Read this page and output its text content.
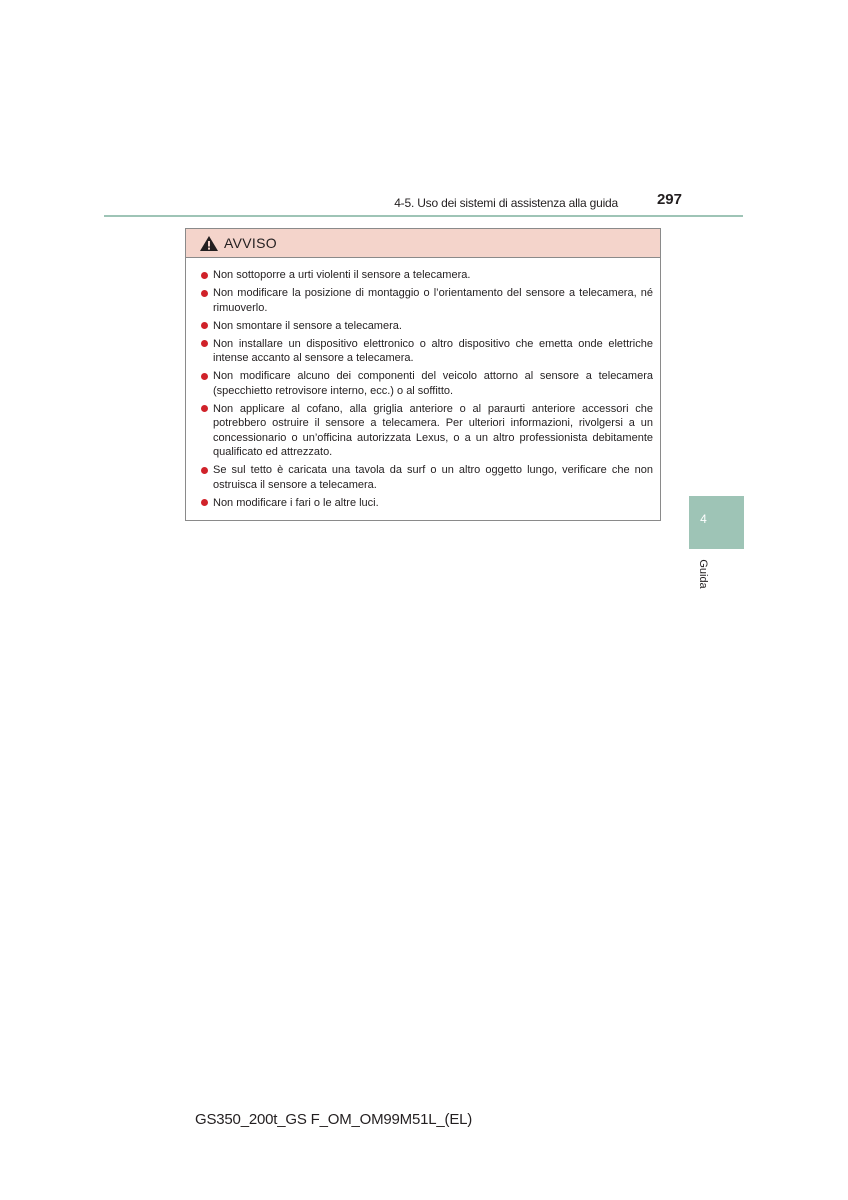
4-5. Uso dei sistemi di assistenza alla guida	297
AVVISO
Non sottoporre a urti violenti il sensore a telecamera.
Non modificare la posizione di montaggio o l’orientamento del sensore a telecamera, né rimuoverlo.
Non smontare il sensore a telecamera.
Non installare un dispositivo elettronico o altro dispositivo che emetta onde elettriche intense accanto al sensore a telecamera.
Non modificare alcuno dei componenti del veicolo attorno al sensore a telecamera (specchietto retrovisore interno, ecc.) o al soffitto.
Non applicare al cofano, alla griglia anteriore o al paraurti anteriore accessori che potrebbero ostruire il sensore a telecamera. Per ulteriori informazioni, rivolgersi a un concessionario o un’officina autorizzata Lexus, o a un altro professionista debitamente qualificato ed attrezzato.
Se sul tetto è caricata una tavola da surf o un altro oggetto lungo, verificare che non ostruisca il sensore a telecamera.
Non modificare i fari o le altre luci.
4
Guida
GS350_200t_GS F_OM_OM99M51L_(EL)
